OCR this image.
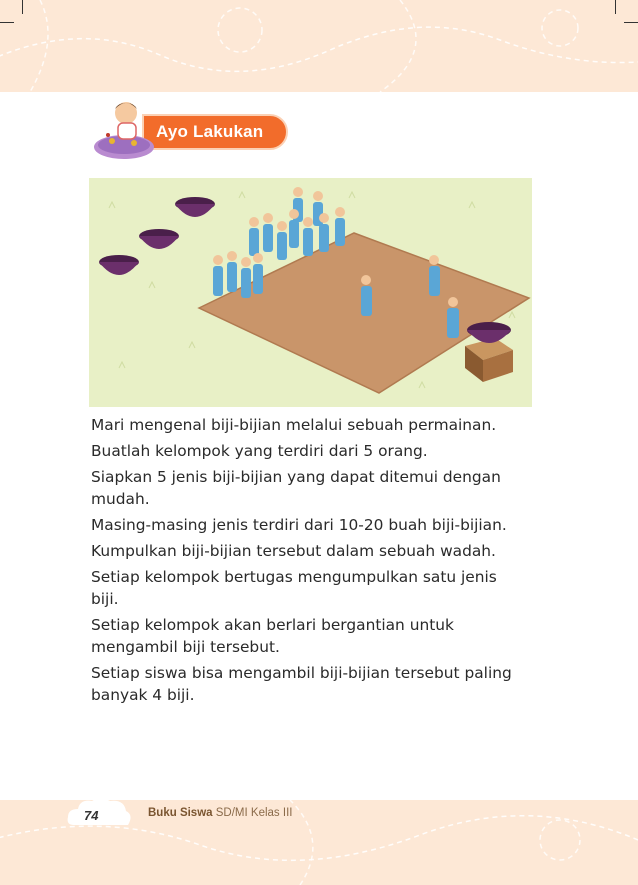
Ayo Lakukan
Mari mengenal biji-bijian melalui sebuah permainan.
Buatlah kelompok yang terdiri dari 5 orang.
Siapkan 5 jenis biji-bijian yang dapat ditemui dengan mudah.
Masing-masing jenis terdiri dari 10-20 buah biji-bijian.
Kumpulkan biji-bijian tersebut dalam sebuah wadah.
Setiap kelompok bertugas mengumpulkan satu jenis biji.
Setiap kelompok akan berlari bergantian untuk mengambil biji tersebut.
Setiap siswa bisa mengambil biji-bijian tersebut paling banyak 4 biji.
74	Buku Siswa SD/MI Kelas III
